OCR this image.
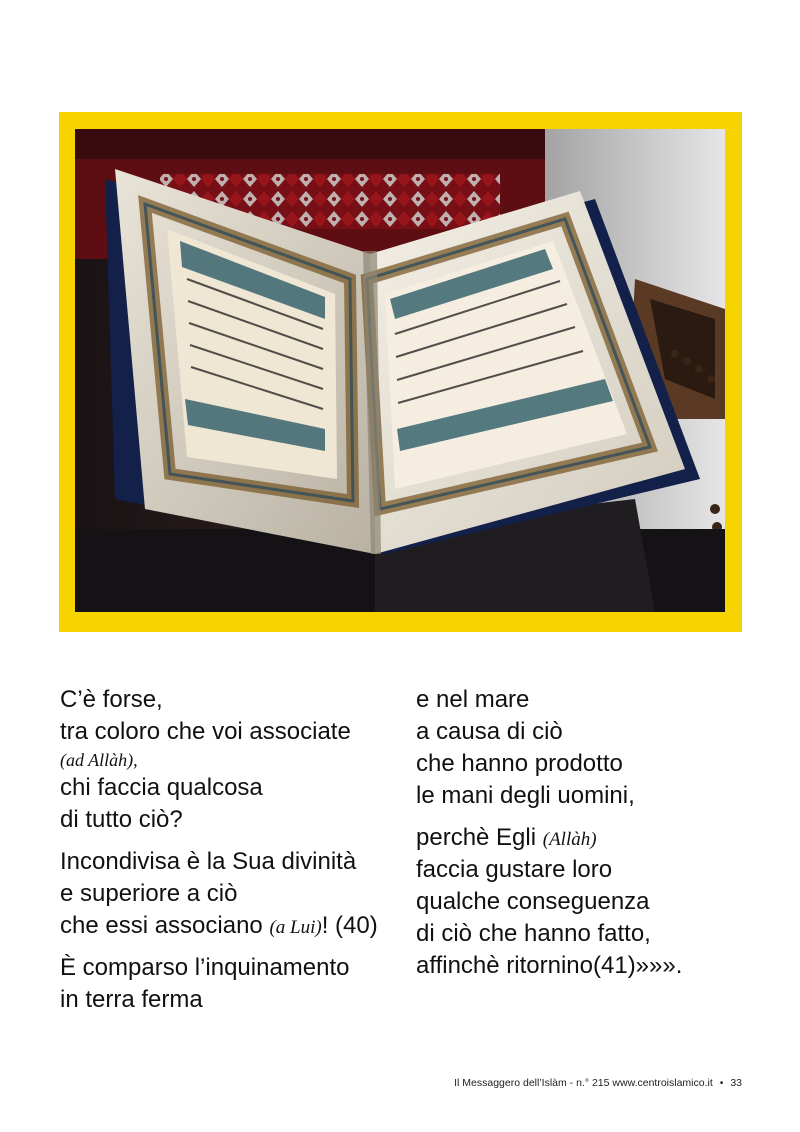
C’è forse,
tra coloro che voi associate
(ad Allàh),
chi faccia qualcosa
di tutto ciò?
Incondivisa è la Sua divinità
e superiore a ciò
che essi associano (a Lui)! (40)
È comparso l’inquinamento
in terra ferma
e nel mare
a causa di ciò
che hanno prodotto
le mani degli uomini,
perchè Egli (Allàh)
faccia gustare loro
qualche conseguenza
di ciò che hanno fatto,
affinchè ritornino(41)»»».
Il Messaggero dell’Islàm - n.° 215 www.centroislamico.it • 33
